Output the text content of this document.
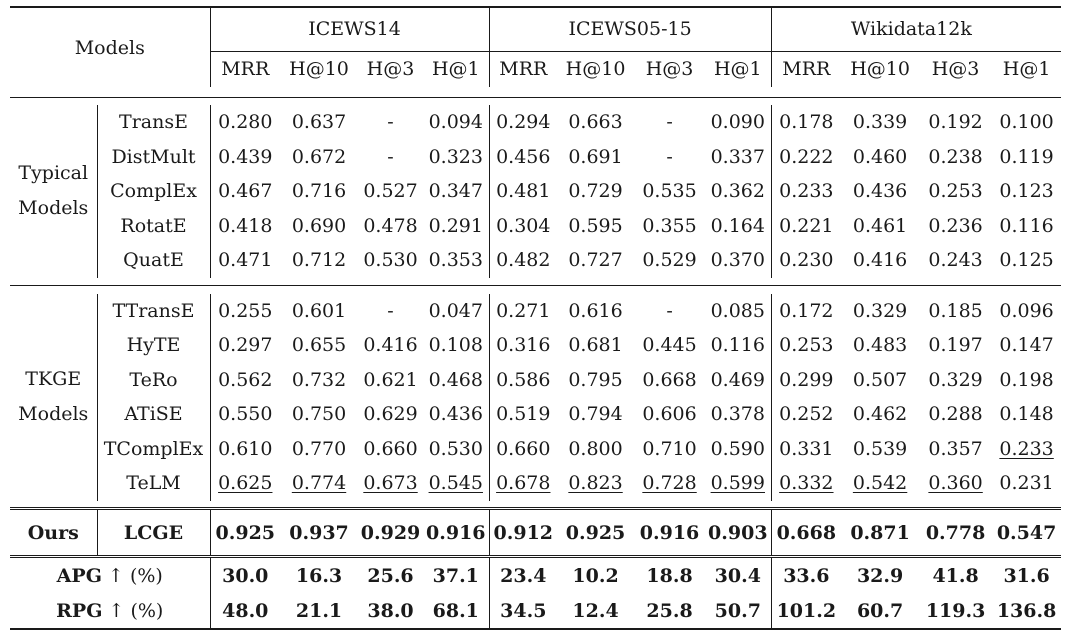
Models		ICEWS14				ICEWS05-15				Wikidata12k			
		MRR	H@10	H@3	H@1	MRR	H@10	H@3	H@1	MRR	H@10	H@3	H@1

Typical
Models	TransE	0.280	0.637	-	0.094	0.294	0.663	-	0.090	0.178	0.339	0.192	0.100
	DistMult	0.439	0.672	-	0.323	0.456	0.691	-	0.337	0.222	0.460	0.238	0.119
	ComplEx	0.467	0.716	0.527	0.347	0.481	0.729	0.535	0.362	0.233	0.436	0.253	0.123
	RotatE	0.418	0.690	0.478	0.291	0.304	0.595	0.355	0.164	0.221	0.461	0.236	0.116
	QuatE	0.471	0.712	0.530	0.353	0.482	0.727	0.529	0.370	0.230	0.416	0.243	0.125

TKGE
Models	TTransE	0.255	0.601	-	0.047	0.271	0.616	-	0.085	0.172	0.329	0.185	0.096
	HyTE	0.297	0.655	0.416	0.108	0.316	0.681	0.445	0.116	0.253	0.483	0.197	0.147
	TeRo	0.562	0.732	0.621	0.468	0.586	0.795	0.668	0.469	0.299	0.507	0.329	0.198
	ATiSE	0.550	0.750	0.629	0.436	0.519	0.794	0.606	0.378	0.252	0.462	0.288	0.148
	TComplEx	0.610	0.770	0.660	0.530	0.660	0.800	0.710	0.590	0.331	0.539	0.357	0.233
	TeLM	0.625	0.774	0.673	0.545	0.678	0.823	0.728	0.599	0.332	0.542	0.360	0.231

Ours	LCGE	0.925	0.937	0.929	0.916	0.912	0.925	0.916	0.903	0.668	0.871	0.778	0.547
APG ↑ (%)		30.0	16.3	25.6	37.1	23.4	10.2	18.8	30.4	33.6	32.9	41.8	31.6
RPG ↑ (%)		48.0	21.1	38.0	68.1	34.5	12.4	25.8	50.7	101.2	60.7	119.3	136.8
